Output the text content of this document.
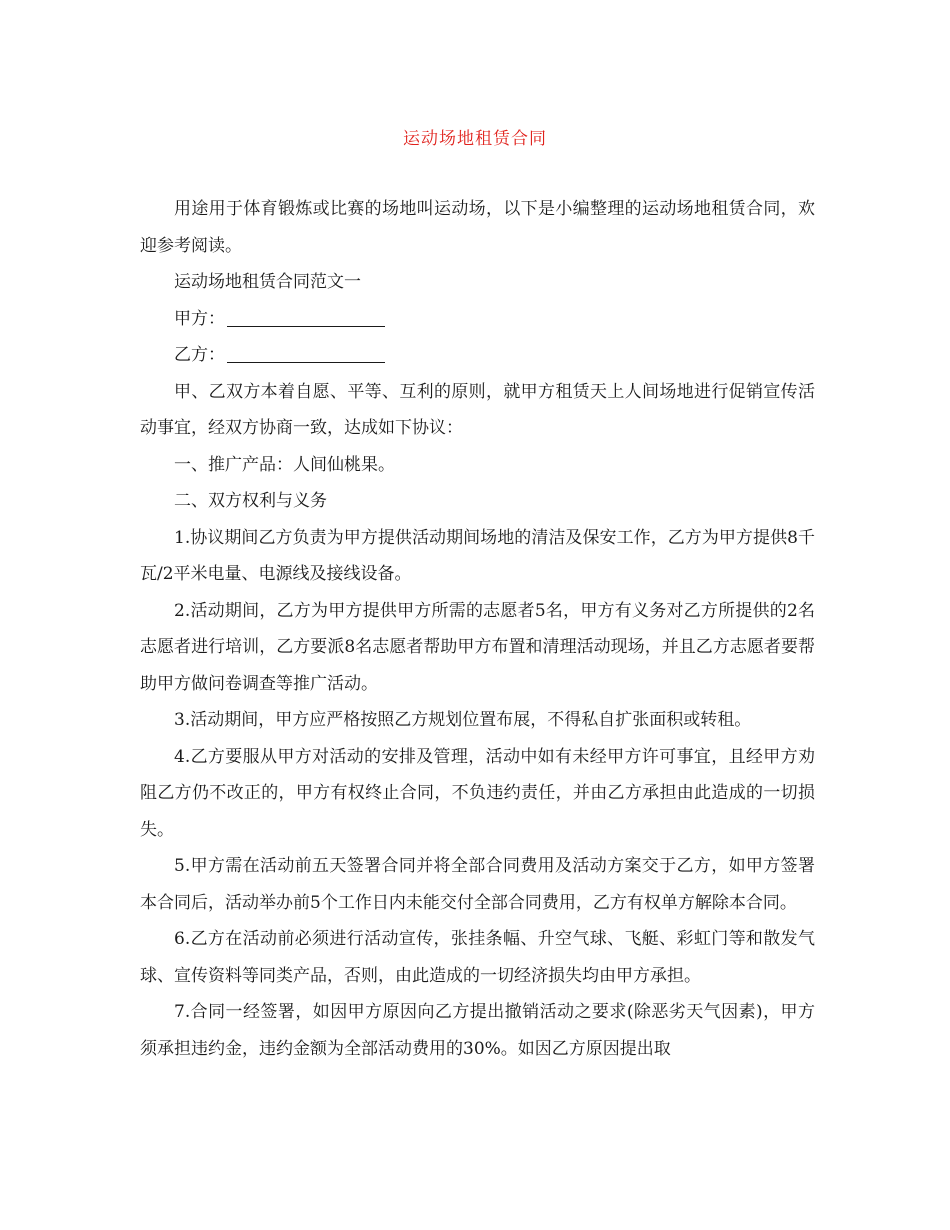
运动场地租赁合同

用途用于体育锻炼或比赛的场地叫运动场，以下是小编整理的运动场地租赁合同，欢迎参考阅读。

运动场地租赁合同范文一

甲方：

乙方：

甲、乙双方本着自愿、平等、互利的原则，就甲方租赁天上人间场地进行促销宣传活动事宜，经双方协商一致，达成如下协议：

一、推广产品：人间仙桃果。

二、双方权利与义务

1.协议期间乙方负责为甲方提供活动期间场地的清洁及保安工作，乙方为甲方提供8千瓦/2平米电量、电源线及接线设备。

2.活动期间，乙方为甲方提供甲方所需的志愿者5名，甲方有义务对乙方所提供的2名志愿者进行培训，乙方要派8名志愿者帮助甲方布置和清理活动现场，并且乙方志愿者要帮助甲方做问卷调查等推广活动。

3.活动期间，甲方应严格按照乙方规划位置布展，不得私自扩张面积或转租。

4.乙方要服从甲方对活动的安排及管理，活动中如有未经甲方许可事宜，且经甲方劝阻乙方仍不改正的，甲方有权终止合同，不负违约责任，并由乙方承担由此造成的一切损失。

5.甲方需在活动前五天签署合同并将全部合同费用及活动方案交于乙方，如甲方签署本合同后，活动举办前5个工作日内未能交付全部合同费用，乙方有权单方解除本合同。

6.乙方在活动前必须进行活动宣传，张挂条幅、升空气球、飞艇、彩虹门等和散发气球、宣传资料等同类产品，否则，由此造成的一切经济损失均由甲方承担。

7.合同一经签署，如因甲方原因向乙方提出撤销活动之要求(除恶劣天气因素)，甲方须承担违约金，违约金额为全部活动费用的30%。如因乙方原因提出取
